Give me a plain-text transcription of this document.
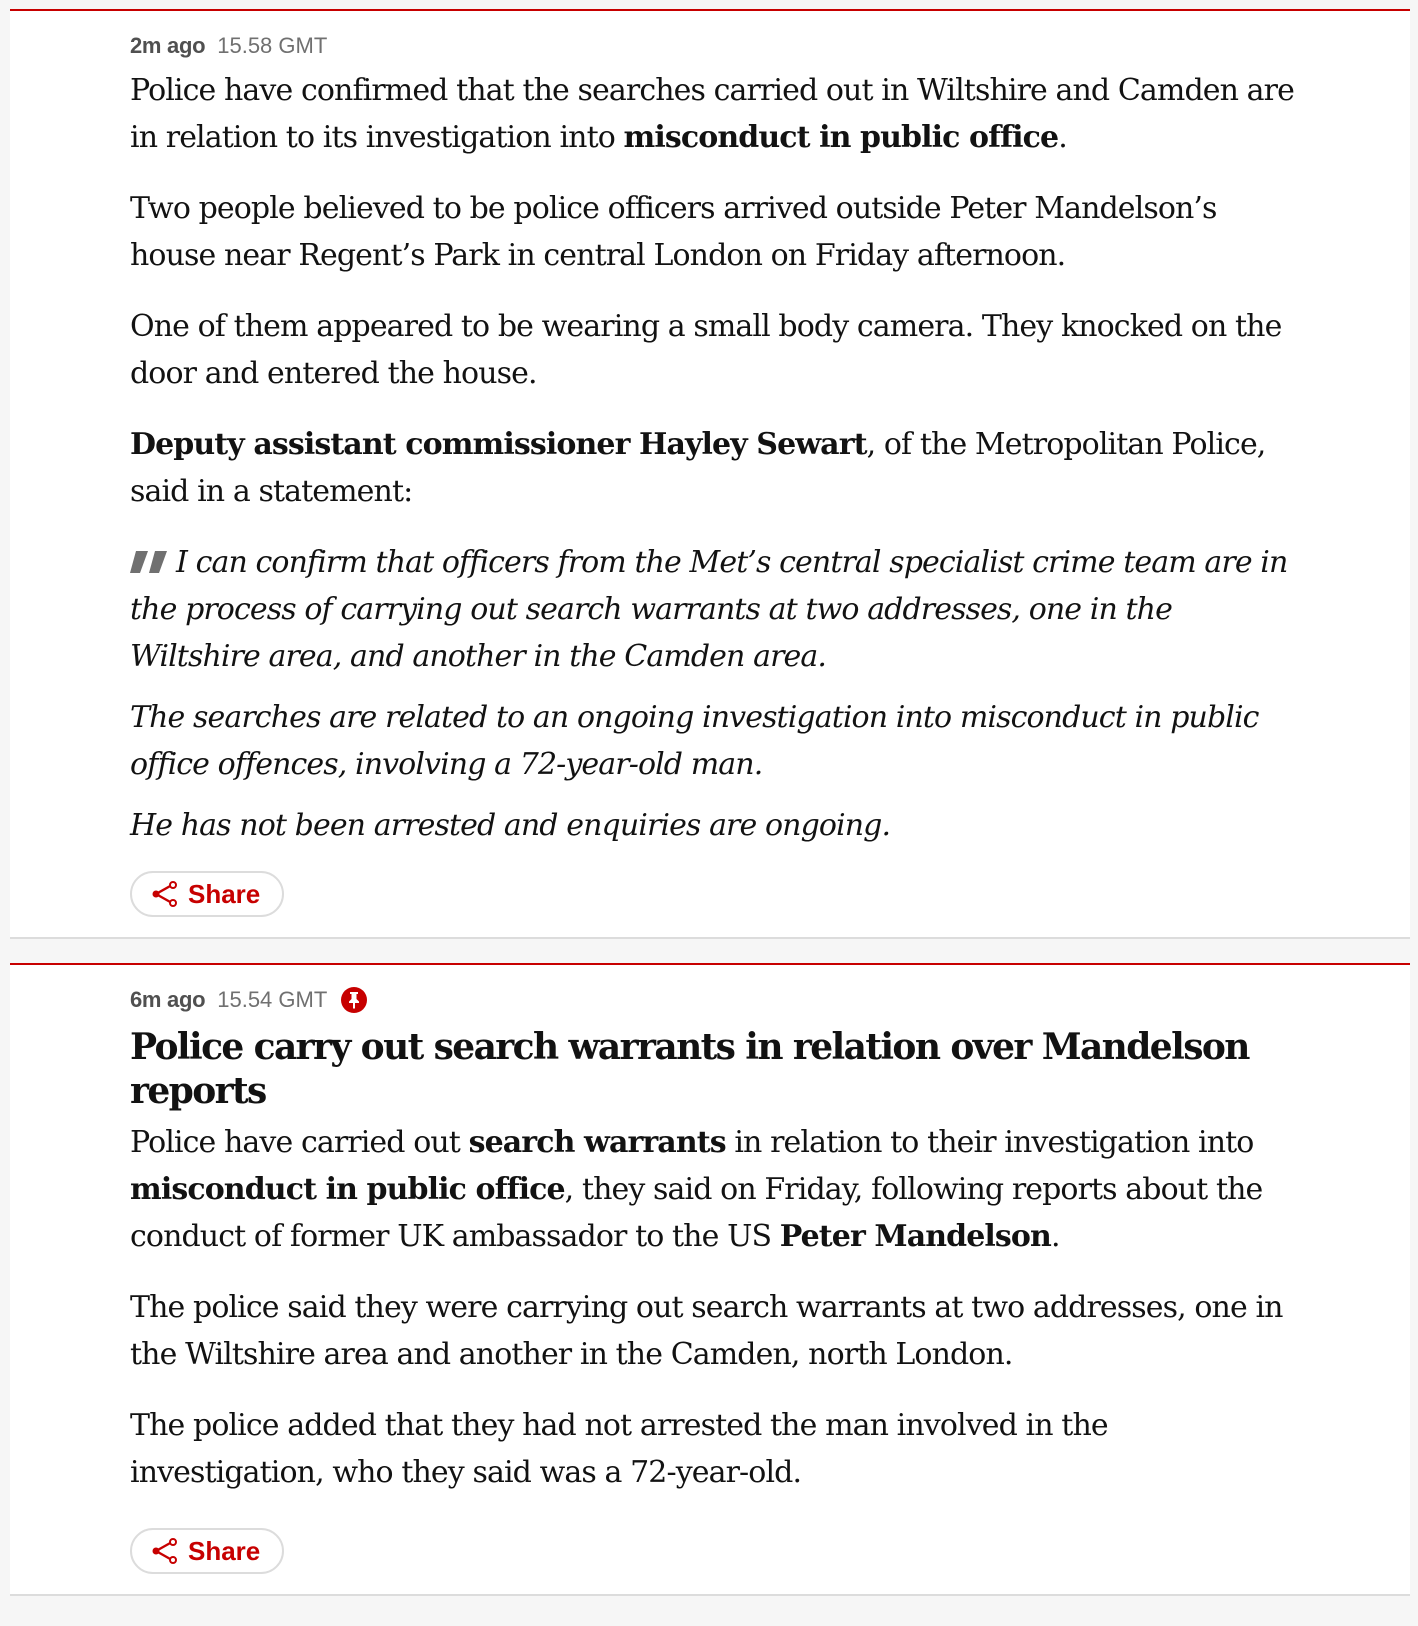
2m ago 15.58 GMT

Police have confirmed that the searches carried out in Wiltshire and Camden are in relation to its investigation into misconduct in public office.

Two people believed to be police officers arrived outside Peter Mandelson’s house near Regent’s Park in central London on Friday afternoon.

One of them appeared to be wearing a small body camera. They knocked on the door and entered the house.

Deputy assistant commissioner Hayley Sewart, of the Metropolitan Police, said in a statement:

I can confirm that officers from the Met’s central specialist crime team are in the process of carrying out search warrants at two addresses, one in the Wiltshire area, and another in the Camden area.

The searches are related to an ongoing investigation into misconduct in public office offences, involving a 72-year-old man.

He has not been arrested and enquiries are ongoing.

Share
6m ago 15.54 GMT
Police carry out search warrants in relation over Mandelson reports

Police have carried out search warrants in relation to their investigation into misconduct in public office, they said on Friday, following reports about the conduct of former UK ambassador to the US Peter Mandelson.

The police said they were carrying out search warrants at two addresses, one in the Wiltshire area and another in the Camden, north London.

The police added that they had not arrested the man involved in the investigation, who they said was a 72-year-old.

Share
